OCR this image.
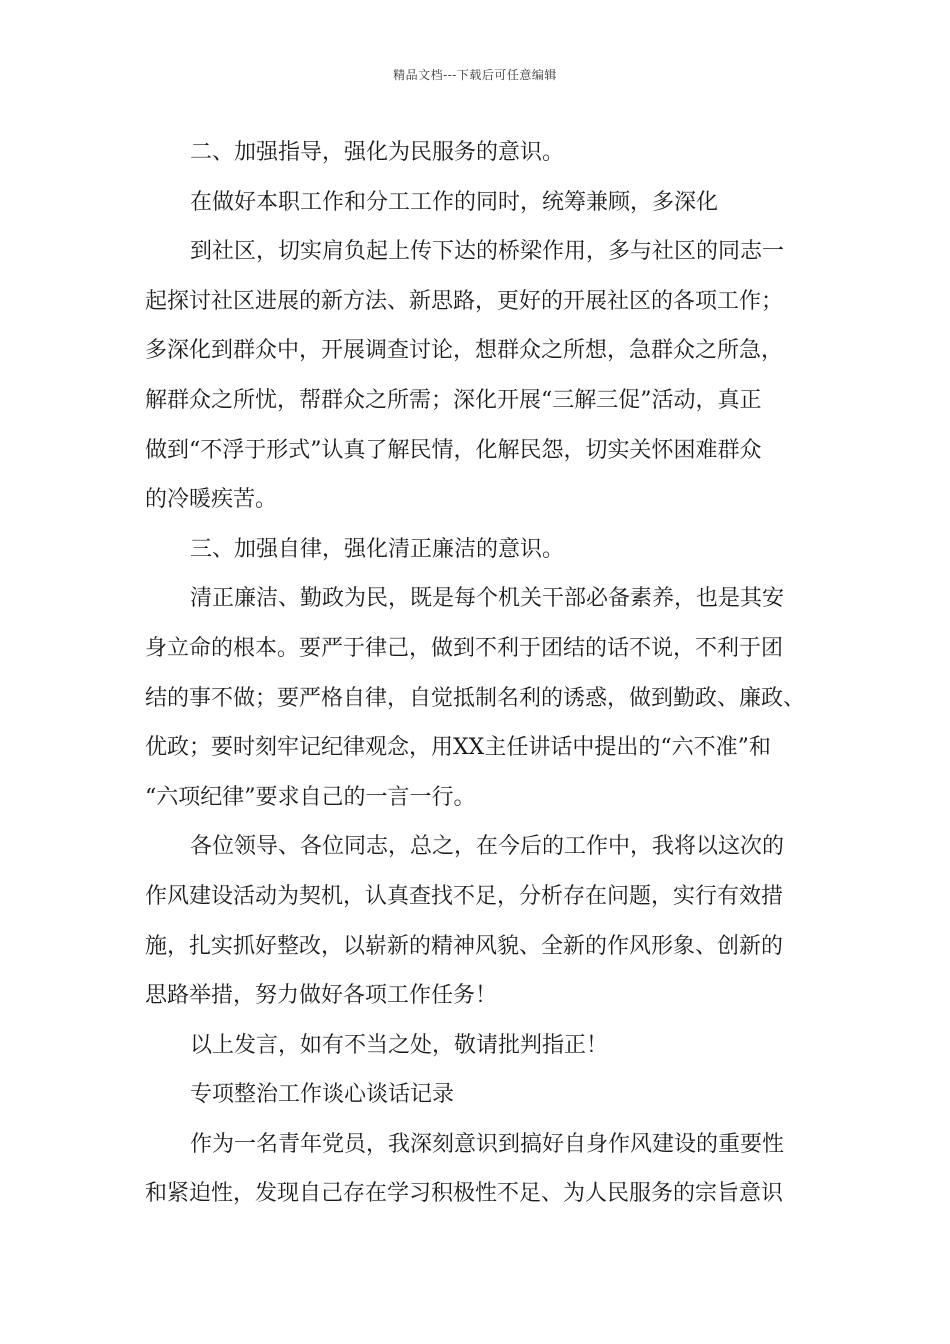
精品文档---下载后可任意编辑
二、加强指导，强化为民服务的意识。
在做好本职工作和分工工作的同时，统筹兼顾，多深化
到社区，切实肩负起上传下达的桥梁作用，多与社区的同志一
起探讨社区进展的新方法、新思路，更好的开展社区的各项工作；
多深化到群众中，开展调查讨论，想群众之所想，急群众之所急，
解群众之所忧，帮群众之所需；深化开展“三解三促”活动，真正
做到“不浮于形式”认真了解民情，化解民怨，切实关怀困难群众
的冷暖疾苦。
三、加强自律，强化清正廉洁的意识。
清正廉洁、勤政为民，既是每个机关干部必备素养，也是其安
身立命的根本。要严于律己，做到不利于团结的话不说，不利于团
结的事不做；要严格自律，自觉抵制名利的诱惑，做到勤政、廉政、
优政；要时刻牢记纪律观念，用XX主任讲话中提出的“六不准”和
“六项纪律”要求自己的一言一行。
各位领导、各位同志，总之，在今后的工作中，我将以这次的
作风建设活动为契机，认真查找不足，分析存在问题，实行有效措
施，扎实抓好整改，以崭新的精神风貌、全新的作风形象、创新的
思路举措，努力做好各项工作任务！
以上发言，如有不当之处，敬请批判指正！
专项整治工作谈心谈话记录
作为一名青年党员，我深刻意识到搞好自身作风建设的重要性
和紧迫性，发现自己存在学习积极性不足、为人民服务的宗旨意识
